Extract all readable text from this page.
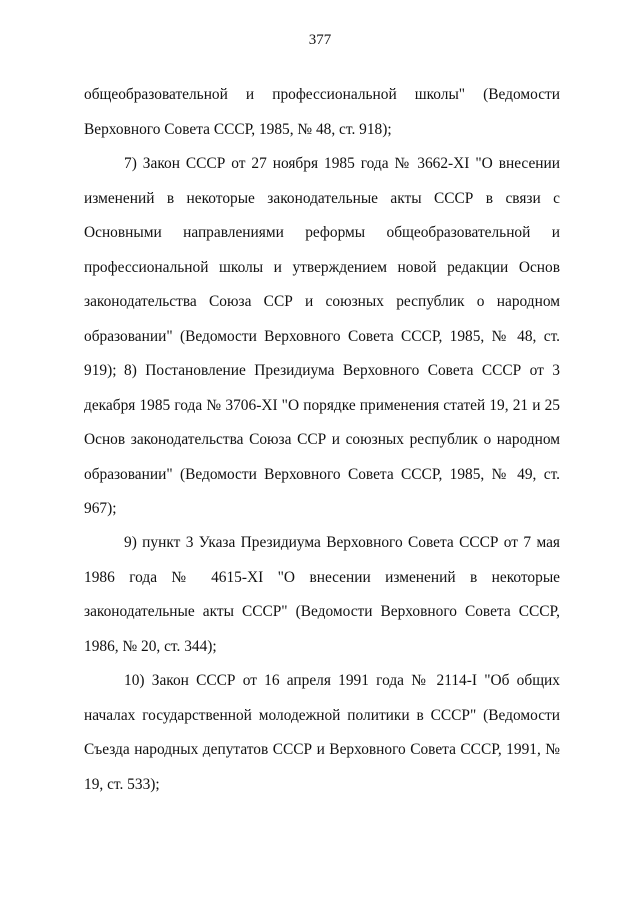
377

общеобразовательной и профессиональной школы" (Ведомости Верховного Совета СССР, 1985, № 48, ст. 918);

7) Закон СССР от 27 ноября 1985 года № 3662-XI "О внесении изменений в некоторые законодательные акты СССР в связи с Основными направлениями реформы общеобразовательной и профессиональной школы и утверждением новой редакции Основ законодательства Союза ССР и союзных республик о народном образовании" (Ведомости Верховного Совета СССР, 1985, № 48, ст. 919); 8) Постановление Президиума Верховного Совета СССР от 3 декабря 1985 года № 3706-XI "О порядке применения статей 19, 21 и 25 Основ законодательства Союза ССР и союзных республик о народном образовании" (Ведомости Верховного Совета СССР, 1985, № 49, ст. 967);

9) пункт 3 Указа Президиума Верховного Совета СССР от 7 мая 1986 года № 4615-XI "О внесении изменений в некоторые законодательные акты СССР" (Ведомости Верховного Совета СССР, 1986, № 20, ст. 344);

10) Закон СССР от 16 апреля 1991 года № 2114-I "Об общих началах государственной молодежной политики в СССР" (Ведомости Съезда народных депутатов СССР и Верховного Совета СССР, 1991, № 19, ст. 533);
